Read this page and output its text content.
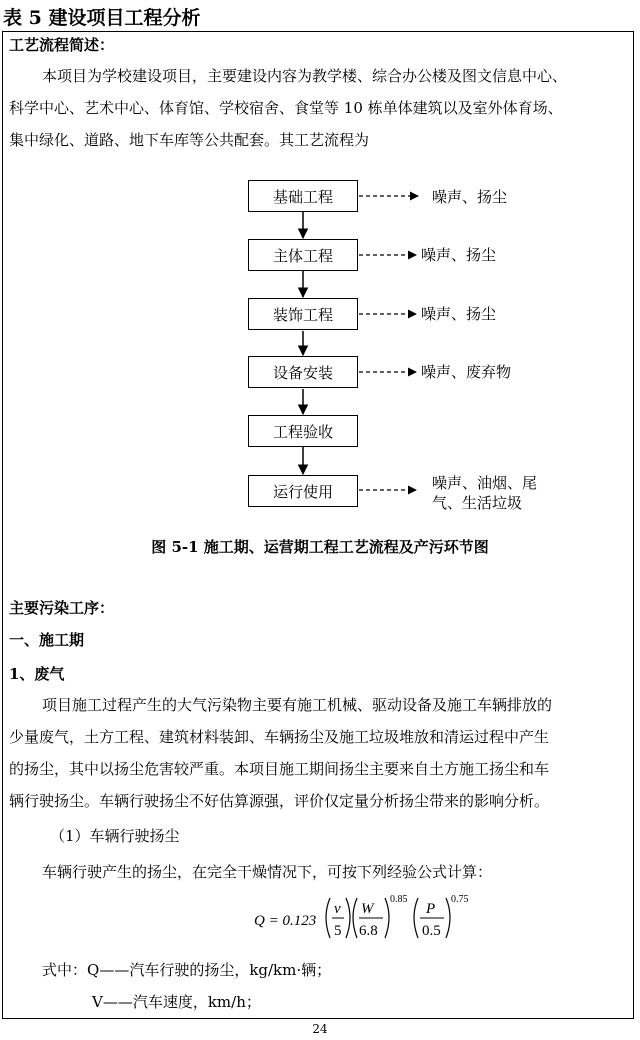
表 5 建设项目工程分析
工艺流程简述：
本项目为学校建设项目，主要建设内容为教学楼、综合办公楼及图文信息中心、
科学中心、艺术中心、体育馆、学校宿舍、食堂等 10 栋单体建筑以及室外体育场、
集中绿化、道路、地下车库等公共配套。其工艺流程为
基础工程
主体工程
装饰工程
设备安装
工程验收
运行使用
噪声、扬尘
噪声、扬尘
噪声、扬尘
噪声、废弃物
噪声、油烟、尾
气、生活垃圾
图 5-1 施工期、运营期工程工艺流程及产污环节图
主要污染工序：
一、施工期
1、废气
项目施工过程产生的大气污染物主要有施工机械、驱动设备及施工车辆排放的
少量废气，土方工程、建筑材料装卸、车辆扬尘及施工垃圾堆放和清运过程中产生
的扬尘，其中以扬尘危害较严重。本项目施工期间扬尘主要来自土方施工扬尘和车
辆行驶扬尘。车辆行驶扬尘不好估算源强，评价仅定量分析扬尘带来的影响分析。
（1）车辆行驶扬尘
车辆行驶产生的扬尘，在完全干燥情况下，可按下列经验公式计算：
Q = 0.123
v
5
W
6.8
0.85
P
0.5
0.75
式中：Q——汽车行驶的扬尘，kg/km·辆；
V——汽车速度，km/h；
24
